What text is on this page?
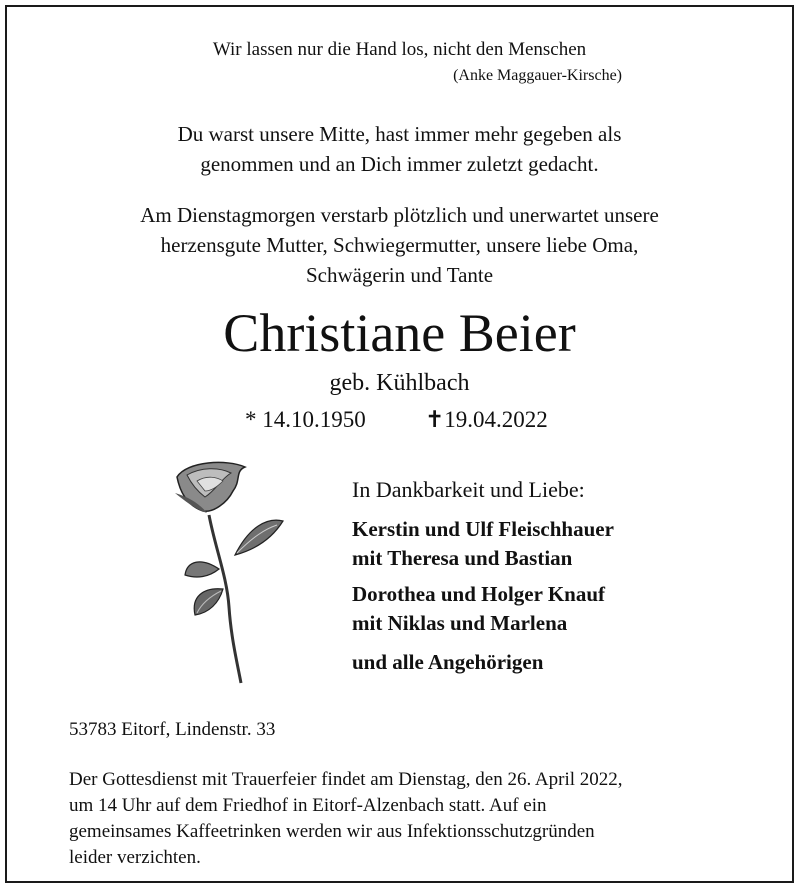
Wir lassen nur die Hand los, nicht den Menschen
(Anke Maggauer-Kirsche)
Du warst unsere Mitte, hast immer mehr gegeben als
genommen und an Dich immer zuletzt gedacht.
Am Dienstagmorgen verstarb plötzlich und unerwartet unsere
herzensgute Mutter, Schwiegermutter, unsere liebe Oma,
Schwägerin und Tante
Christiane Beier
geb. Kühlbach
* 14.10.1950	✝19.04.2022
In Dankbarkeit und Liebe:
Kerstin und Ulf Fleischhauer
mit Theresa und Bastian
Dorothea und Holger Knauf
mit Niklas und Marlena
und alle Angehörigen
53783 Eitorf, Lindenstr. 33
Der Gottesdienst mit Trauerfeier findet am Dienstag, den 26. April 2022,
um 14 Uhr auf dem Friedhof in Eitorf-Alzenbach statt. Auf ein
gemeinsames Kaffeetrinken werden wir aus Infektionsschutzgründen
leider verzichten.
